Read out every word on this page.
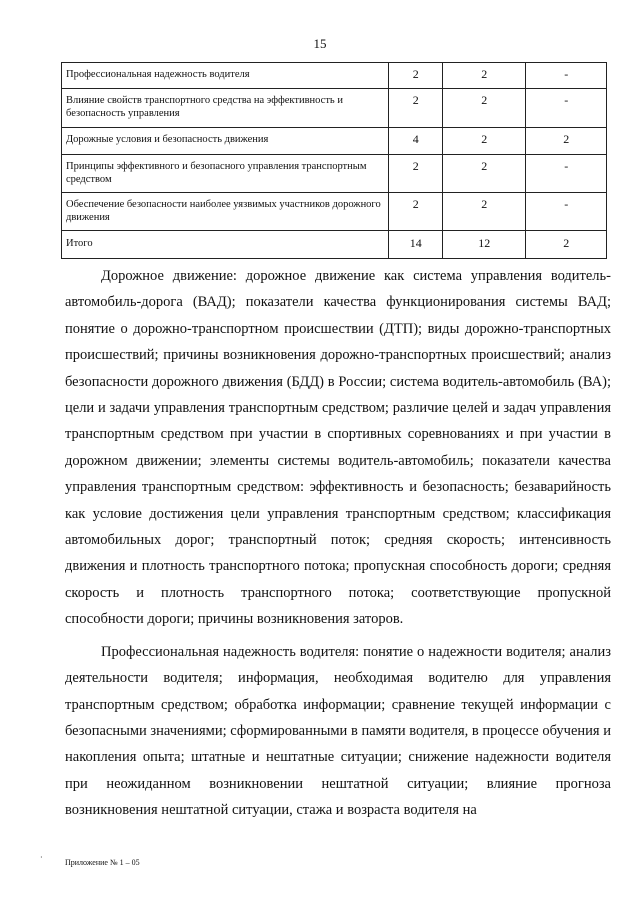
15
Профессиональная надежность водителя	2	2	-
Влияние свойств транспортного средства на эффективность и безопасность управления	2	2	-
Дорожные условия и безопасность движения	4	2	2
Принципы эффективного и безопасного управления транспортным средством	2	2	-
Обеспечение безопасности наиболее уязвимых участников дорожного движения	2	2	-
Итого	14	12	2

Дорожное движение: дорожное движение как система управления водитель-автомобиль-дорога (ВАД); показатели качества функционирования системы ВАД; понятие о дорожно-транспортном происшествии (ДТП); виды дорожно-транспортных происшествий; причины возникновения дорожно-транспортных происшествий; анализ безопасности дорожного движения (БДД) в России; система водитель-автомобиль (ВА); цели и задачи управления транспортным средством; различие целей и задач управления транспортным средством при участии в спортивных соревнованиях и при участии в дорожном движении; элементы системы водитель-автомобиль; показатели качества управления транспортным средством: эффективность и безопасность; безаварийность как условие достижения цели управления транспортным средством; классификация автомобильных дорог; транспортный поток; средняя скорость; интенсивность движения и плотность транспортного потока; пропускная способность дороги; средняя скорость и плотность транспортного потока; соответствующие пропускной способности дороги; причины возникновения заторов.

Профессиональная надежность водителя: понятие о надежности водителя; анализ деятельности водителя; информация, необходимая водителю для управления транспортным средством; обработка информации; сравнение текущей информации с безопасными значениями; сформированными в памяти водителя, в процессе обучения и накопления опыта; штатные и нештатные ситуации; снижение надежности водителя при неожиданном возникновении нештатной ситуации; влияние прогноза возникновения нештатной ситуации, стажа и возраста водителя на

·
Приложение № 1 – 05
